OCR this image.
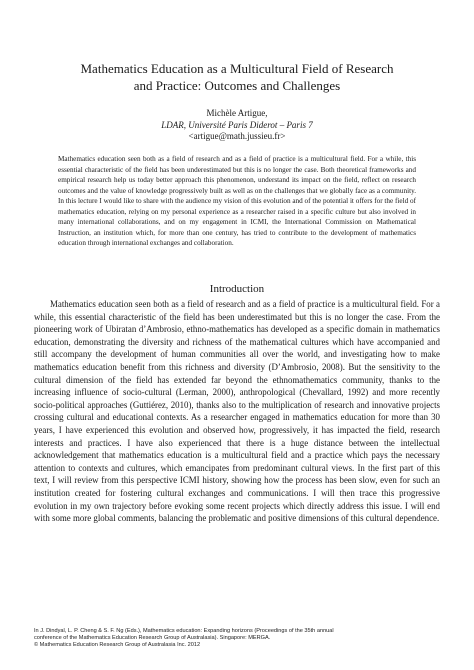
Mathematics Education as a Multicultural Field of Research and Practice: Outcomes and Challenges
Michèle Artigue,
LDAR, Université Paris Diderot – Paris 7
<artigue@math.jussieu.fr>
Mathematics education seen both as a field of research and as a field of practice is a multicultural field. For a while, this essential characteristic of the field has been underestimated but this is no longer the case. Both theoretical frameworks and empirical research help us today better approach this phenomenon, understand its impact on the field, reflect on research outcomes and the value of knowledge progressively built as well as on the challenges that we globally face as a community. In this lecture I would like to share with the audience my vision of this evolution and of the potential it offers for the field of mathematics education, relying on my personal experience as a researcher raised in a specific culture but also involved in many international collaborations, and on my engagement in ICMI, the International Commission on Mathematical Instruction, an institution which, for more than one century, has tried to contribute to the development of mathematics education through international exchanges and collaboration.
Introduction
Mathematics education seen both as a field of research and as a field of practice is a multicultural field. For a while, this essential characteristic of the field has been underestimated but this is no longer the case. From the pioneering work of Ubiratan d’Ambrosio, ethno-mathematics has developed as a specific domain in mathematics education, demonstrating the diversity and richness of the mathematical cultures which have accompanied and still accompany the development of human communities all over the world, and investigating how to make mathematics education benefit from this richness and diversity (D’Ambrosio, 2008). But the sensitivity to the cultural dimension of the field has extended far beyond the ethnomathematics community, thanks to the increasing influence of socio-cultural (Lerman, 2000), anthropological (Chevallard, 1992) and more recently socio-political approaches (Guttiérez, 2010), thanks also to the multiplication of research and innovative projects crossing cultural and educational contexts. As a researcher engaged in mathematics education for more than 30 years, I have experienced this evolution and observed how, progressively, it has impacted the field, research interests and practices. I have also experienced that there is a huge distance between the intellectual acknowledgement that mathematics education is a multicultural field and a practice which pays the necessary attention to contexts and cultures, which emancipates from predominant cultural views. In the first part of this text, I will review from this perspective ICMI history, showing how the process has been slow, even for such an institution created for fostering cultural exchanges and communications. I will then trace this progressive evolution in my own trajectory before evoking some recent projects which directly address this issue. I will end with some more global comments, balancing the problematic and positive dimensions of this cultural dependence.
In J. Dindyal, L. P. Cheng & S. F. Ng (Eds.), Mathematics education: Expanding horizons (Proceedings of the 35th annual
conference of the Mathematics Education Research Group of Australasia). Singapore: MERGA.
© Mathematics Education Research Group of Australasia Inc. 2012
